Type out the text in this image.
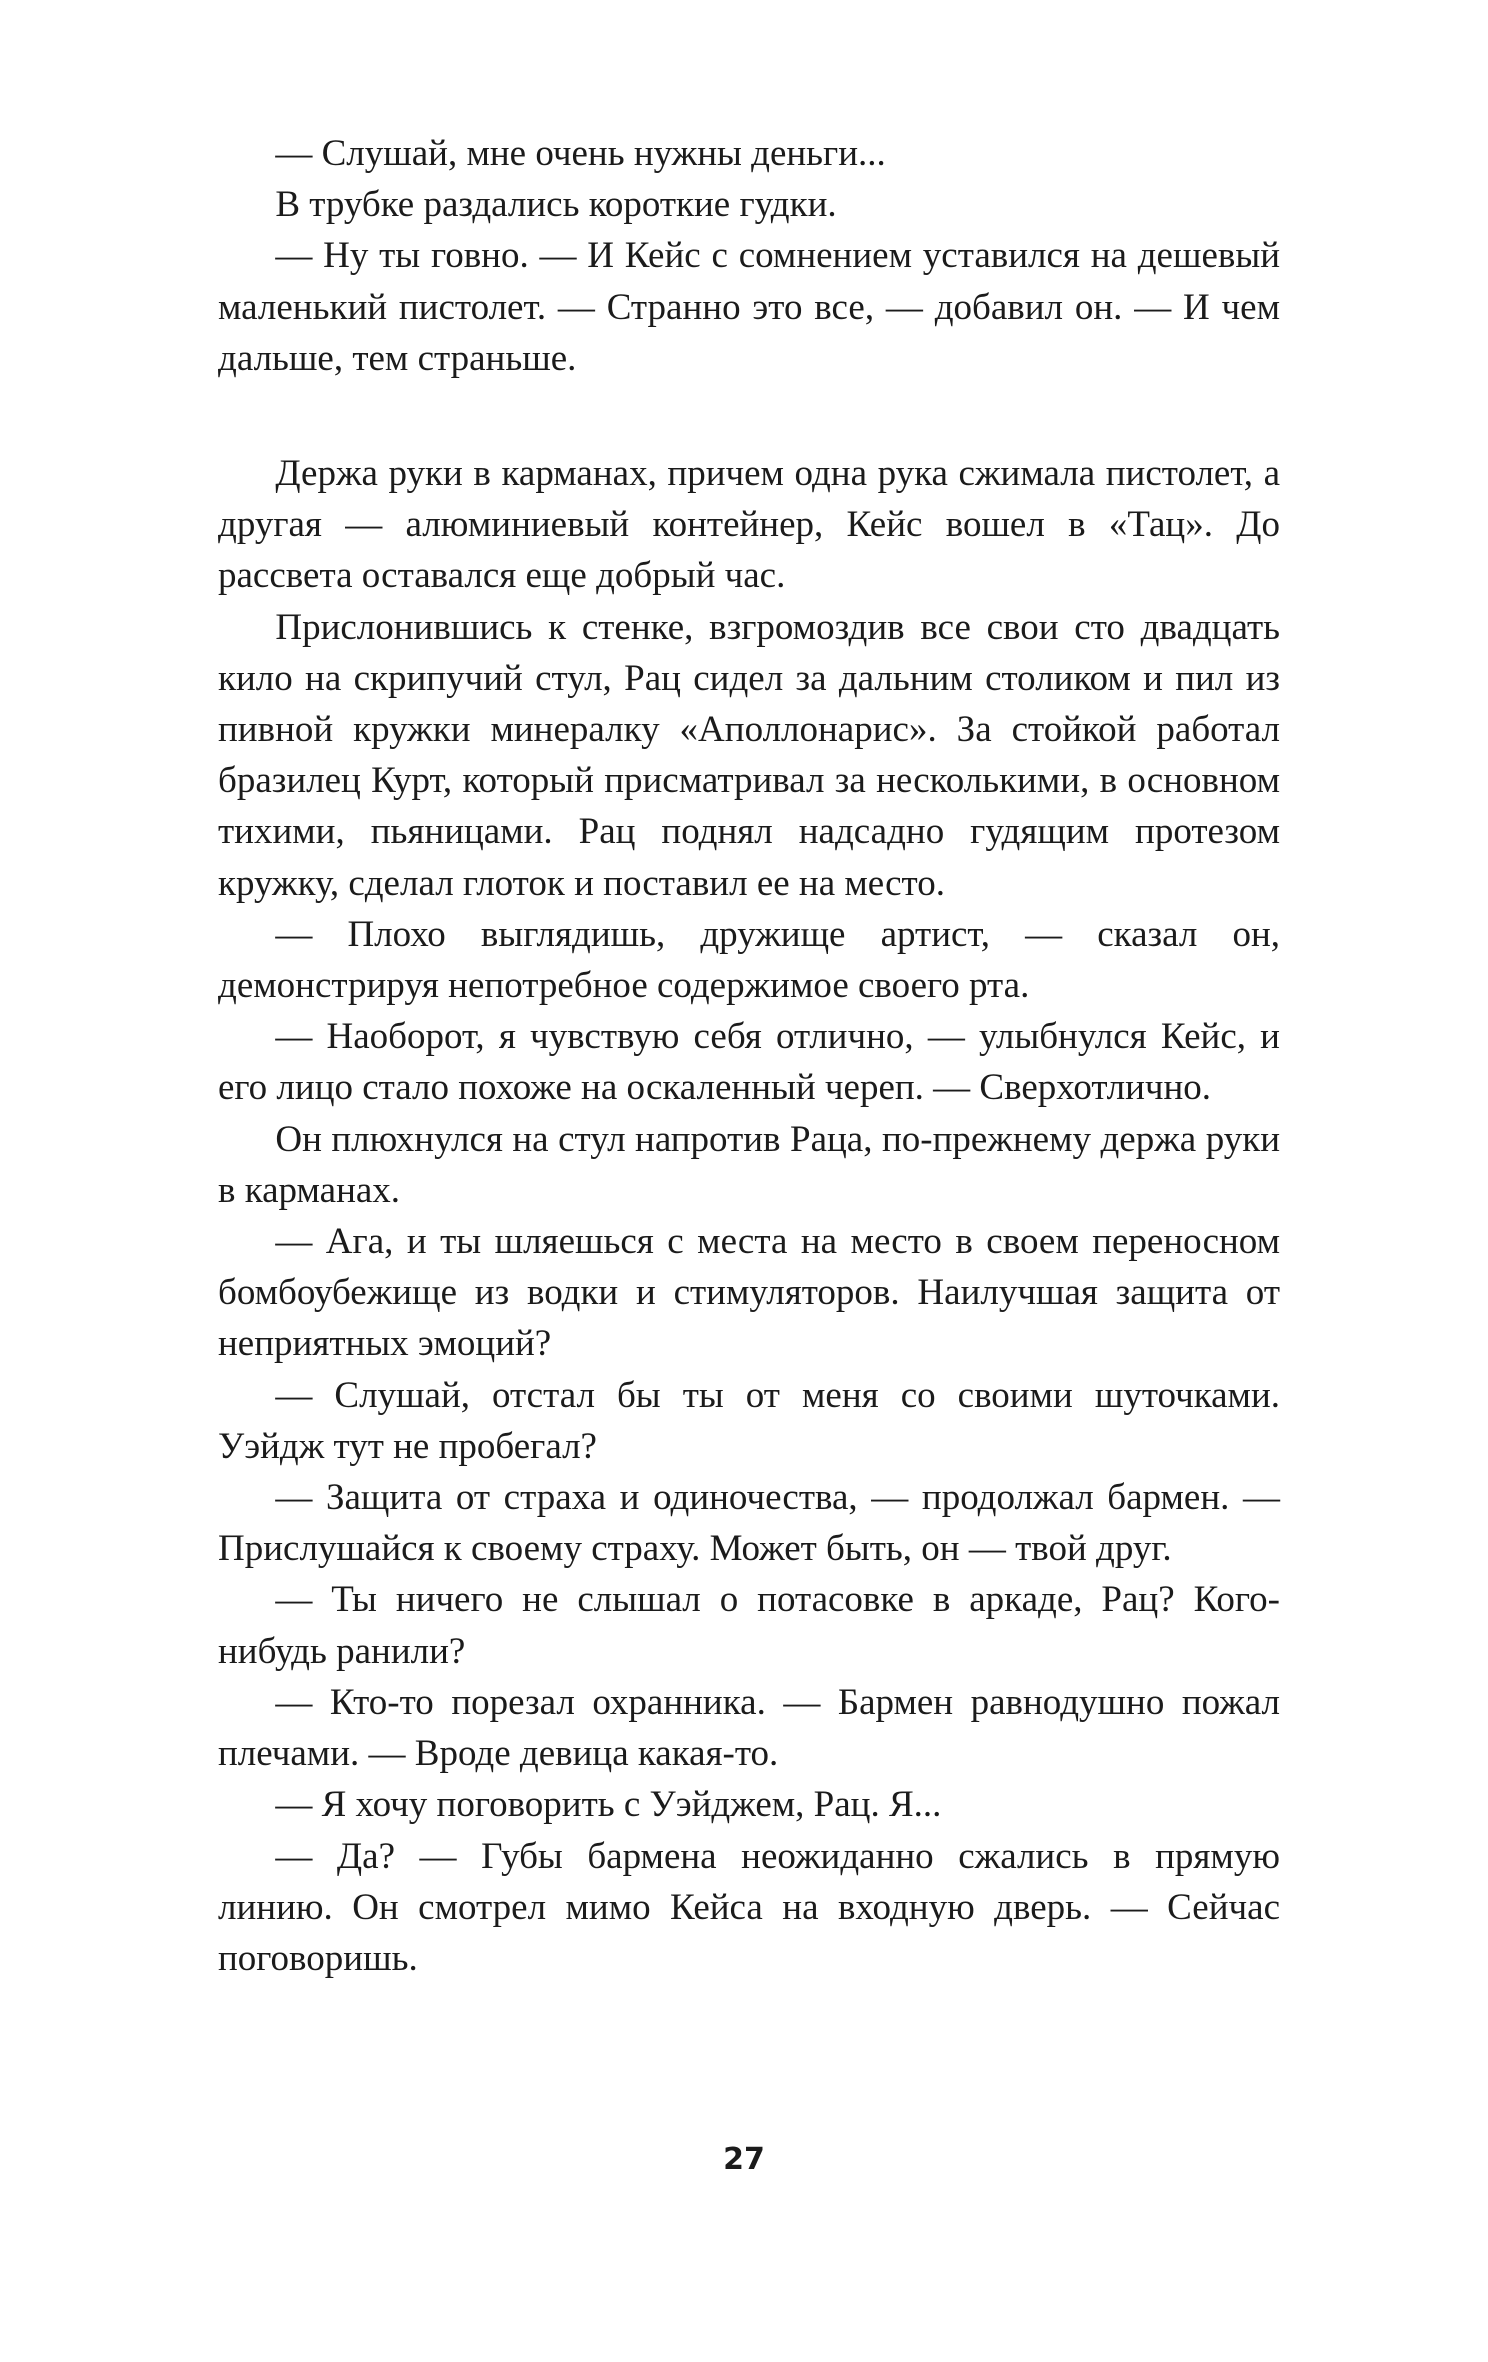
— Слушай, мне очень нужны деньги...

В трубке раздались короткие гудки.

— Ну ты говно. — И Кейс с сомнением уставился на дешевый маленький пистолет. — Странно это все, — добавил он. — И чем дальше, тем страньше.

Держа руки в карманах, причем одна рука сжимала пистолет, а другая — алюминиевый контейнер, Кейс вошел в «Тац». До рассвета оставался еще добрый час.

Прислонившись к стенке, взгромоздив все свои сто двадцать кило на скрипучий стул, Рац сидел за дальним столиком и пил из пивной кружки минералку «Аполлонарис». За стойкой работал бразилец Курт, который присматривал за несколькими, в основном тихими, пьяницами. Рац поднял надсадно гудящим протезом кружку, сделал глоток и поставил ее на место.

— Плохо выглядишь, дружище артист, — сказал он, демонстрируя непотребное содержимое своего рта.

— Наоборот, я чувствую себя отлично, — улыбнулся Кейс, и его лицо стало похоже на оскаленный череп. — Сверхотлично.

Он плюхнулся на стул напротив Раца, по-прежнему держа руки в карманах.

— Ага, и ты шляешься с места на место в своем переносном бомбоубежище из водки и стимуляторов. Наилучшая защита от неприятных эмоций?

— Слушай, отстал бы ты от меня со своими шуточками. Уэйдж тут не пробегал?

— Защита от страха и одиночества, — продолжал бармен. — Прислушайся к своему страху. Может быть, он — твой друг.

— Ты ничего не слышал о потасовке в аркаде, Рац? Кого-нибудь ранили?

— Кто-то порезал охранника. — Бармен равнодушно пожал плечами. — Вроде девица какая-то.

— Я хочу поговорить с Уэйджем, Рац. Я...

— Да? — Губы бармена неожиданно сжались в прямую линию. Он смотрел мимо Кейса на входную дверь. — Сейчас поговоришь.

27
